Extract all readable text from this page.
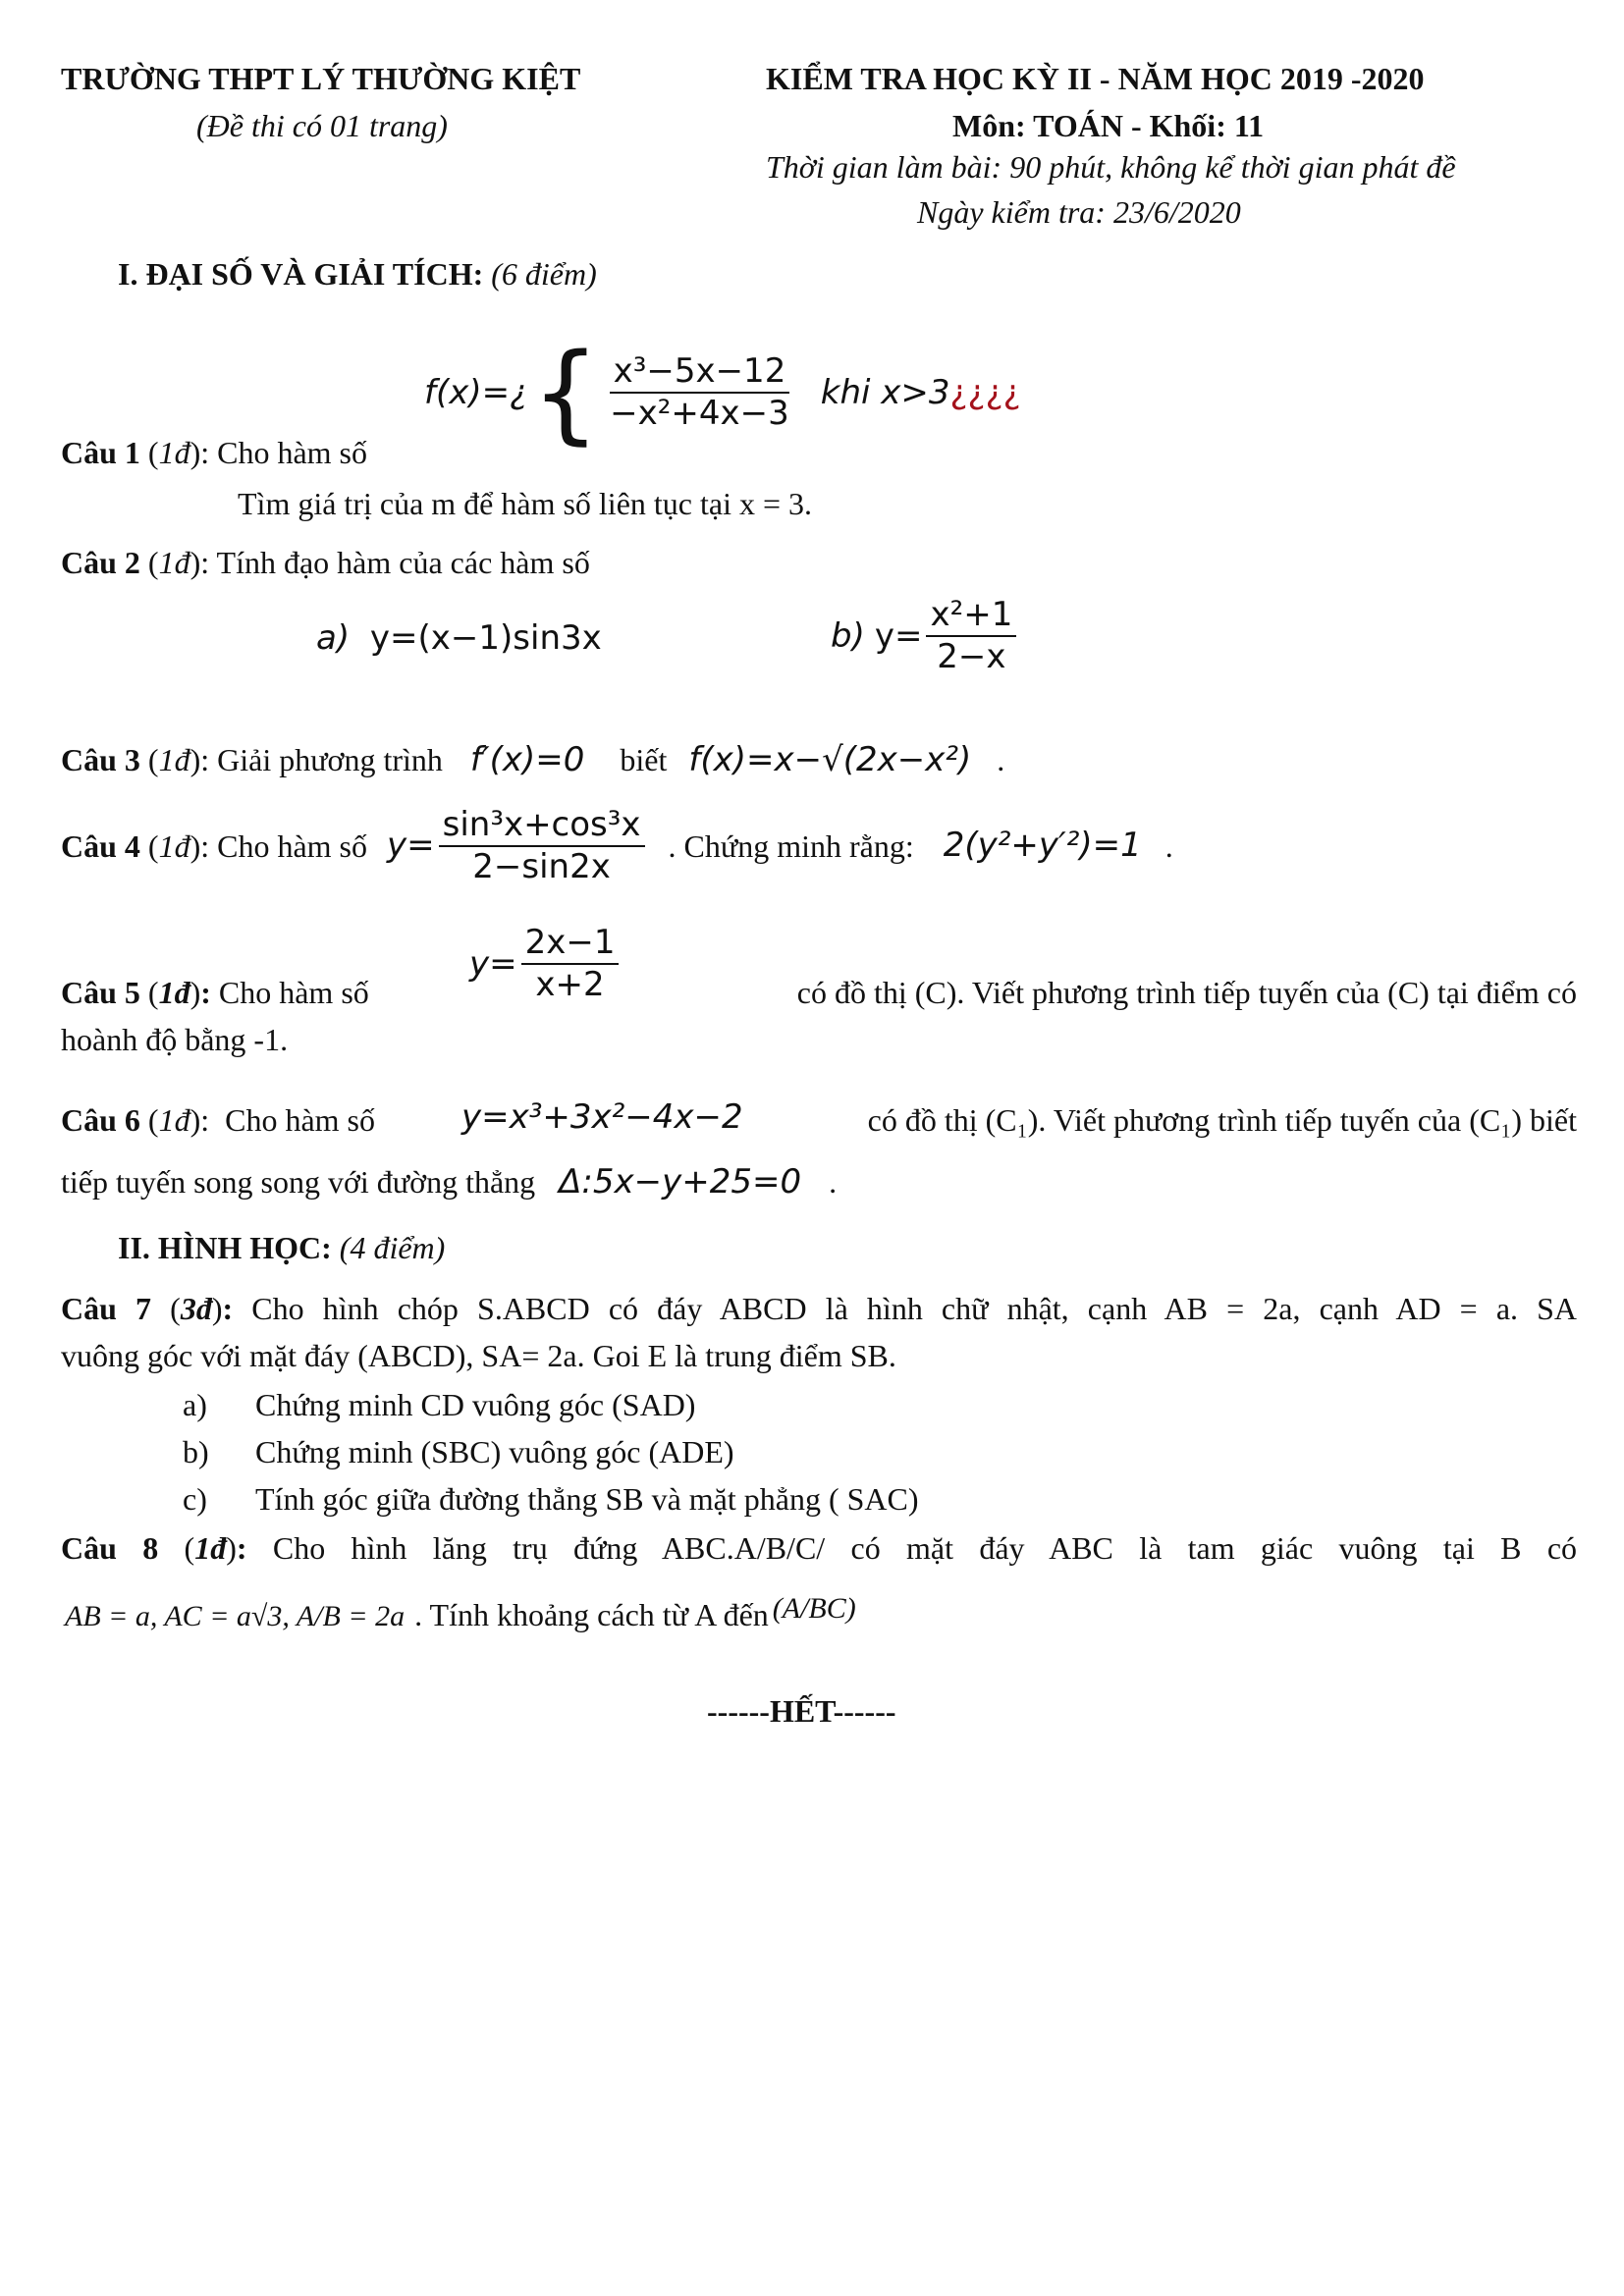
TRƯỜNG THPT LÝ THƯỜNG KIỆT
(Đề thi có 01 trang)
KIỂM TRA HỌC KỲ II - NĂM HỌC 2019 -2020
Môn: TOÁN - Khối: 11
Thời gian làm bài: 90 phút, không kể thời gian phát đề
Ngày kiểm tra: 23/6/2020
I. ĐẠI SỐ VÀ GIẢI TÍCH: (6 điểm)
f(x)=¿ { $\frac{\text{x³−5x−12}}{\text{−x²+4x−3}}$ khi x>3 ¿¿¿¿
Câu 1 (1đ): Cho hàm số
Tìm giá trị của m để hàm số liên tục tại x = 3.
Câu 2 (1đ): Tính đạo hàm của các hàm số
a) y=(x−1)sin3x	b) $y= \frac{\text{x²+1}}{2-x}$
Câu 3 ( 1đ ): Giải phương trình f′(x)=0 biết f(x)=x−√(2x−x²) .
Câu 4 ( 1đ ): Cho hàm số $y= \frac{\text{sin³x+cos³x}}{2-\sin 2x}$ . Chứng minh rằng: 2(y²+y′²)=1 .
$y= \frac{2x-1}{x+2}$
Câu 5 (1đ): Cho hàm số	có đồ thị (C). Viết phương trình tiếp tuyến của (C) tại điểm có
hoành độ bằng -1.
Câu 6 (1đ):  Cho hàm số	y=x³+3x²−4x−2	có đồ thị (C₁). Viết phương trình tiếp tuyến của (C₁) biết
tiếp tuyến song song với đường thẳng Δ:5x−y+25=0 .
II. HÌNH HỌC: (4 điểm)
Câu 7 (3đ): Cho hình chóp S.ABCD có đáy ABCD là hình chữ nhật, cạnh AB = 2a, cạnh AD = a. SA
vuông góc với mặt đáy (ABCD), SA= 2a. Goi E là trung điểm SB.
a) Chứng minh CD vuông góc (SAD)
b) Chứng minh (SBC) vuông góc (ADE)
c) Tính góc giữa đường thẳng SB và mặt phẳng ( SAC)
Câu 8 (1đ): Cho hình lăng trụ đứng ABC.A/B/C/ có mặt đáy ABC là tam giác vuông tại B có
AB = a, AC = a√3, A/B = 2a . Tính khoảng cách từ A đến (A/BC)
------HẾT------
